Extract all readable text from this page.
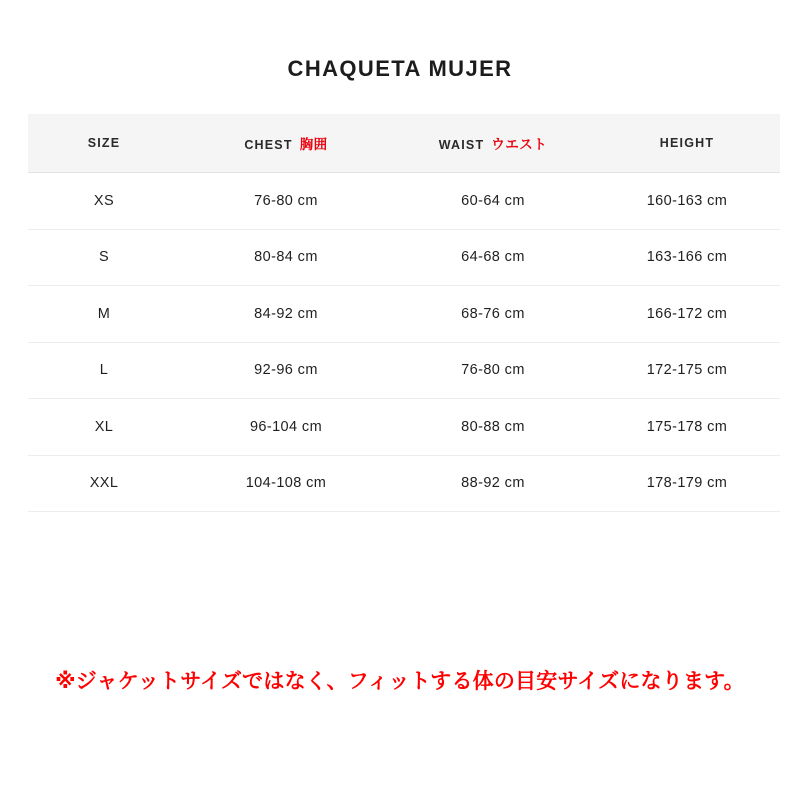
CHAQUETA MUJER
SIZE	CHEST 胸囲	WAIST ウエスト	HEIGHT
XS	76-80 cm	60-64 cm	160-163 cm
S	80-84 cm	64-68 cm	163-166 cm
M	84-92 cm	68-76 cm	166-172 cm
L	92-96 cm	76-80 cm	172-175 cm
XL	96-104 cm	80-88 cm	175-178 cm
XXL	104-108 cm	88-92 cm	178-179 cm
※ジャケットサイズではなく、フィットする体の目安サイズになります。
